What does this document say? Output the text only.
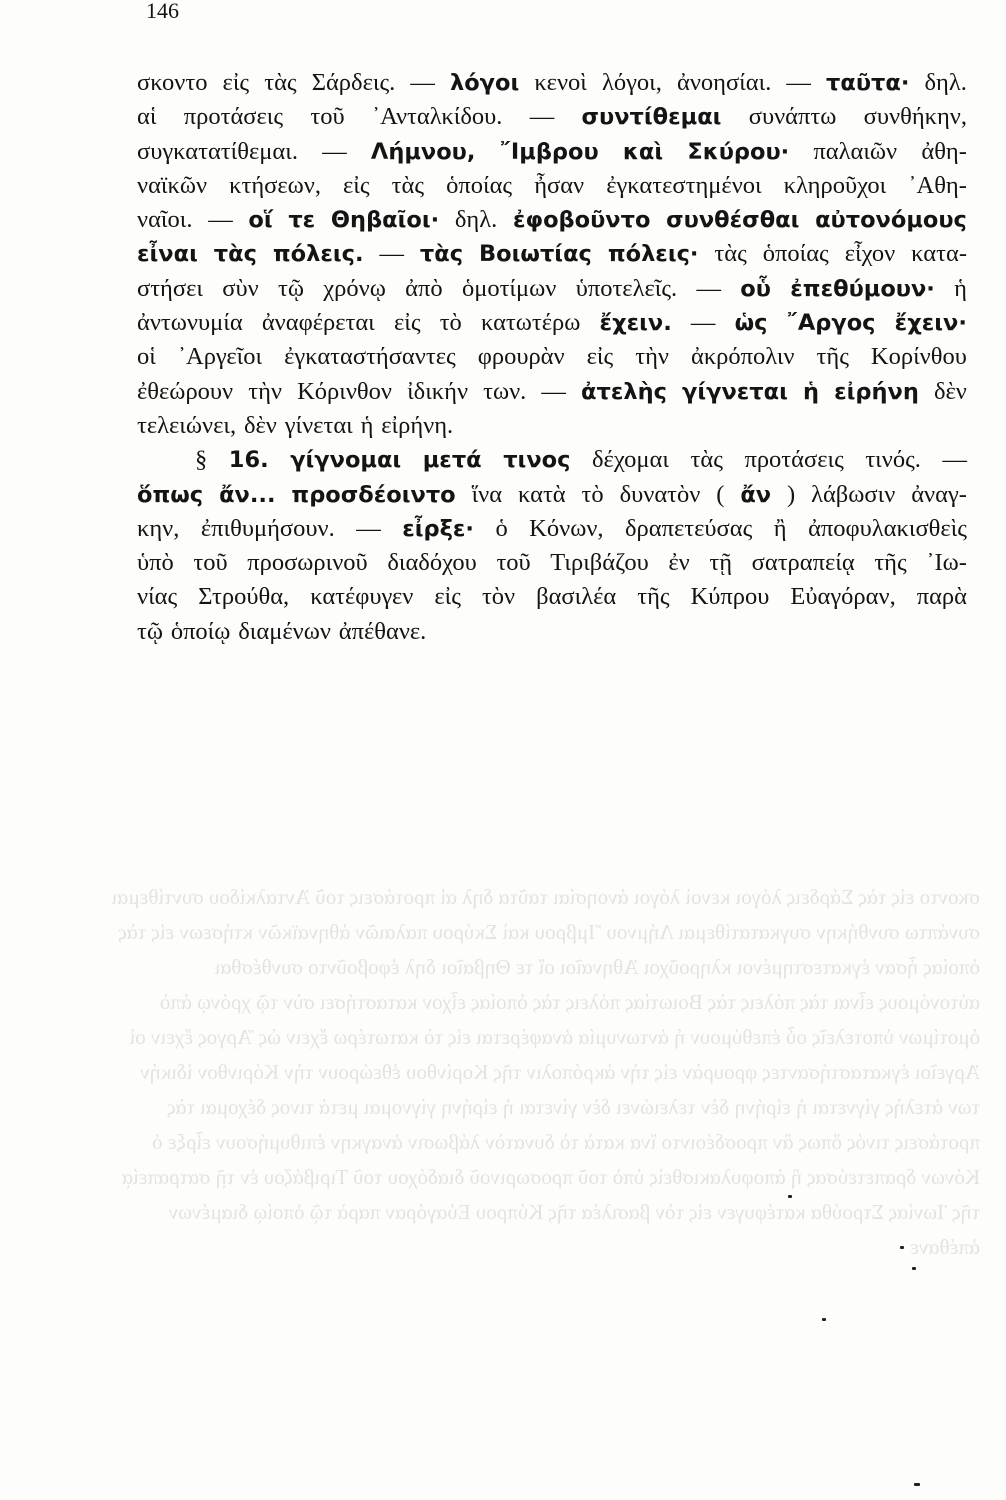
146
σκοντο εἰς τὰς Σάρδεις λόγοι κενοὶ λόγοι ἀνοησίαι ταῦτα δηλ αἱ προτάσεις τοῦ Ἀνταλκίδου συντίθεμαι συνάπτω συνθήκην συγκατατίθεμαι Λήμνου Ἴμβρου καὶ Σκύρου παλαιῶν ἀθηναϊκῶν κτήσεων εἰς τὰς ὁποίας ἦσαν ἐγκατεστημένοι κληροῦχοι Ἀθηναῖοι οἵ τε Θηβαῖοι δηλ ἐφοβοῦντο συνθέσθαι αὐτονόμους εἶναι τὰς πόλεις τὰς Βοιωτίας πόλεις τὰς ὁποίας εἶχον καταστήσει σὺν τῷ χρόνῳ ἀπὸ ὁμοτίμων ὑποτελεῖς οὗ ἐπεθύμουν ἡ ἀντωνυμία ἀναφέρεται εἰς τὸ κατωτέρω ἔχειν ὡς Ἄργος ἔχειν οἱ Ἀργεῖοι ἐγκαταστήσαντες φρουρὰν εἰς τὴν ἀκρόπολιν τῆς Κορίνθου ἐθεώρουν τὴν Κόρινθον ἰδικήν των ἀτελὴς γίγνεται ἡ εἰρήνη δὲν τελειώνει δὲν γίνεται ἡ εἰρήνη γίγνομαι μετά τινος δέχομαι τὰς προτάσεις τινός ὅπως ἂν προσδέοιντο ἵνα κατὰ τὸ δυνατὸν λάβωσιν ἀναγκην ἐπιθυμήσουν εἶρξε ὁ Κόνων δραπετεύσας ἢ ἀποφυλακισθεὶς ὑπὸ τοῦ προσωρινοῦ διαδόχου τοῦ Τιριβάζου ἐν τῇ σατραπείᾳ τῆς Ἰωνίας Στρούθα κατέφυγεν εἰς τὸν βασιλέα τῆς Κύπρου Εὐαγόραν παρὰ τῷ ὁποίῳ διαμένων ἀπέθανε
σκοντο εἰς τὰς Σάρδεις. — λόγοι κενοὶ λόγοι, ἀνοησίαι. — ταῦτα· δηλ.
αἱ προτάσεις τοῦ ᾿Ανταλκίδου. — συντίθεμαι συνάπτω συνθήκην,
συγκατατίθεμαι. — Λήμνου, ῎Ιμβρου καὶ Σκύρου· παλαιῶν ἀθη-
ναϊκῶν κτήσεων, εἰς τὰς ὁποίας ἦσαν ἐγκατεστημένοι κληροῦχοι ᾿Αθη-
ναῖοι. — οἵ τε Θηβαῖοι· δηλ. ἐφοβοῦντο συνθέσθαι αὐτονόμους
εἶναι τὰς πόλεις. — τὰς Βοιωτίας πόλεις· τὰς ὁποίας εἶχον κατα-
στήσει σὺν τῷ χρόνῳ ἀπὸ ὁμοτίμων ὑποτελεῖς. — οὗ ἐπεθύμουν· ἡ
ἀντωνυμία ἀναφέρεται εἰς τὸ κατωτέρω ἔχειν. — ὡς ῎Αργος ἔχειν·
οἱ ᾿Αργεῖοι ἐγκαταστήσαντες φρουρὰν εἰς τὴν ἀκρόπολιν τῆς Κορίνθου
ἐθεώρουν τὴν Κόρινθον ἰδικήν των. — ἀτελὴς γίγνεται ἡ εἰρήνη δὲν
τελειώνει, δὲν γίνεται ἡ εἰρήνη.
§ 16. γίγνομαι μετά τινος δέχομαι τὰς προτάσεις τινός. —
ὅπως ἄν... προσδέοιντο ἵνα κατὰ τὸ δυνατὸν ( ἄν ) λάβωσιν ἀναγ-
κην, ἐπιθυμήσουν. — εἶρξε· ὁ Κόνων, δραπετεύσας ἢ ἀποφυλακισθεὶς
ὑπὸ τοῦ προσωρινοῦ διαδόχου τοῦ Τιριβάζου ἐν τῇ σατραπείᾳ τῆς ᾿Ιω-
νίας Στρούθα, κατέφυγεν εἰς τὸν βασιλέα τῆς Κύπρου Εὐαγόραν, παρὰ
τῷ ὁποίῳ διαμένων ἀπέθανε.
